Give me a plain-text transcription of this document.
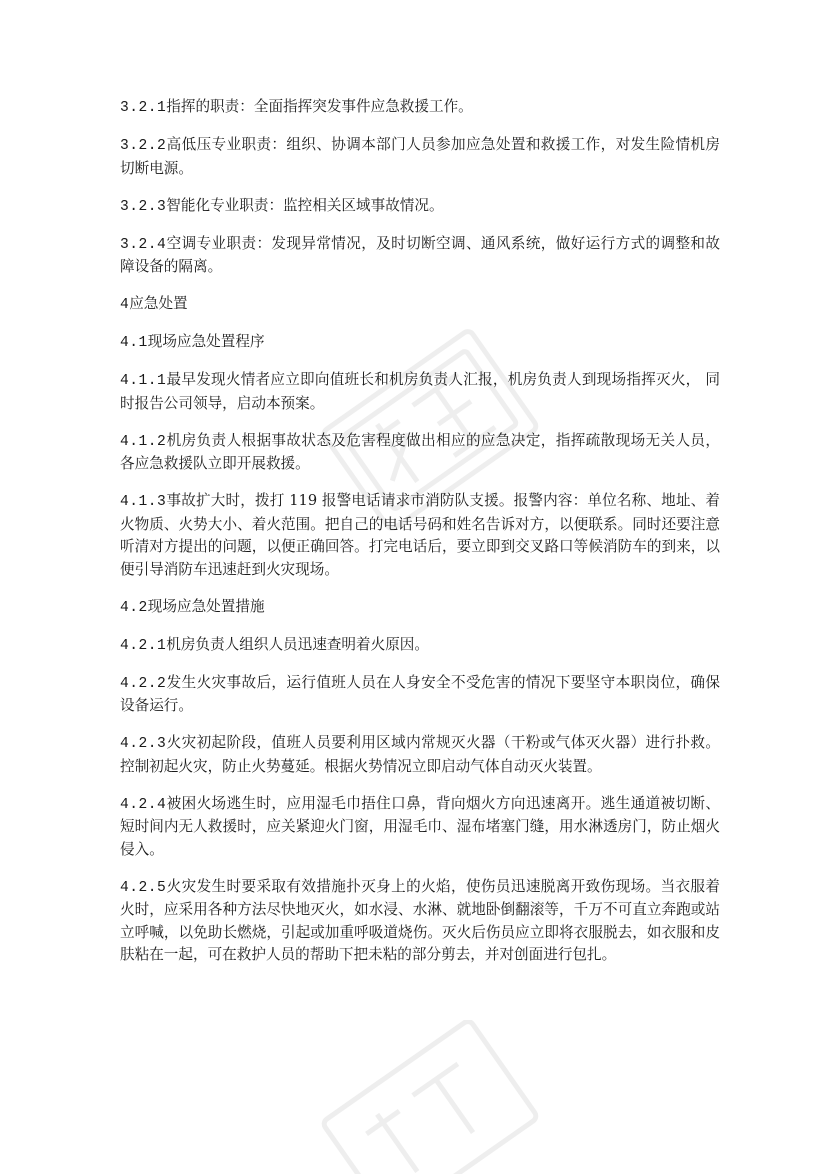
3.2.1指挥的职责：全面指挥突发事件应急救援工作。

3.2.2高低压专业职责：组织、协调本部门人员参加应急处置和救援工作，对发生险情机房切断电源。

3.2.3智能化专业职责：监控相关区域事故情况。

3.2.4空调专业职责：发现异常情况，及时切断空调、通风系统，做好运行方式的调整和故障设备的隔离。

4应急处置

4.1现场应急处置程序

4.1.1最早发现火情者应立即向值班长和机房负责人汇报，机房负责人到现场指挥灭火， 同时报告公司领导，启动本预案。

4.1.2机房负责人根据事故状态及危害程度做出相应的应急决定，指挥疏散现场无关人员，各应急救援队立即开展救援。

4.1.3事故扩大时，拨打 119 报警电话请求市消防队支援。报警内容：单位名称、地址、着火物质、火势大小、着火范围。把自己的电话号码和姓名告诉对方，以便联系。同时还要注意听清对方提出的问题，以便正确回答。打完电话后，要立即到交叉路口等候消防车的到来，以便引导消防车迅速赶到火灾现场。

4.2现场应急处置措施

4.2.1机房负责人组织人员迅速查明着火原因。

4.2.2发生火灾事故后，运行值班人员在人身安全不受危害的情况下要坚守本职岗位，确保设备运行。

4.2.3火灾初起阶段，值班人员要利用区域内常规灭火器（干粉或气体灭火器）进行扑救。控制初起火灾，防止火势蔓延。根据火势情况立即启动气体自动灭火装置。

4.2.4被困火场逃生时，应用湿毛巾捂住口鼻，背向烟火方向迅速离开。逃生通道被切断、短时间内无人救援时，应关紧迎火门窗，用湿毛巾、湿布堵塞门缝，用水淋透房门，防止烟火侵入。

4.2.5火灾发生时要采取有效措施扑灭身上的火焰，使伤员迅速脱离开致伤现场。当衣服着火时，应采用各种方法尽快地灭火，如水浸、水淋、就地卧倒翻滚等，千万不可直立奔跑或站立呼喊，以免助长燃烧，引起或加重呼吸道烧伤。灭火后伤员应立即将衣服脱去，如衣服和皮肤粘在一起，可在救护人员的帮助下把未粘的部分剪去，并对创面进行包扎。
